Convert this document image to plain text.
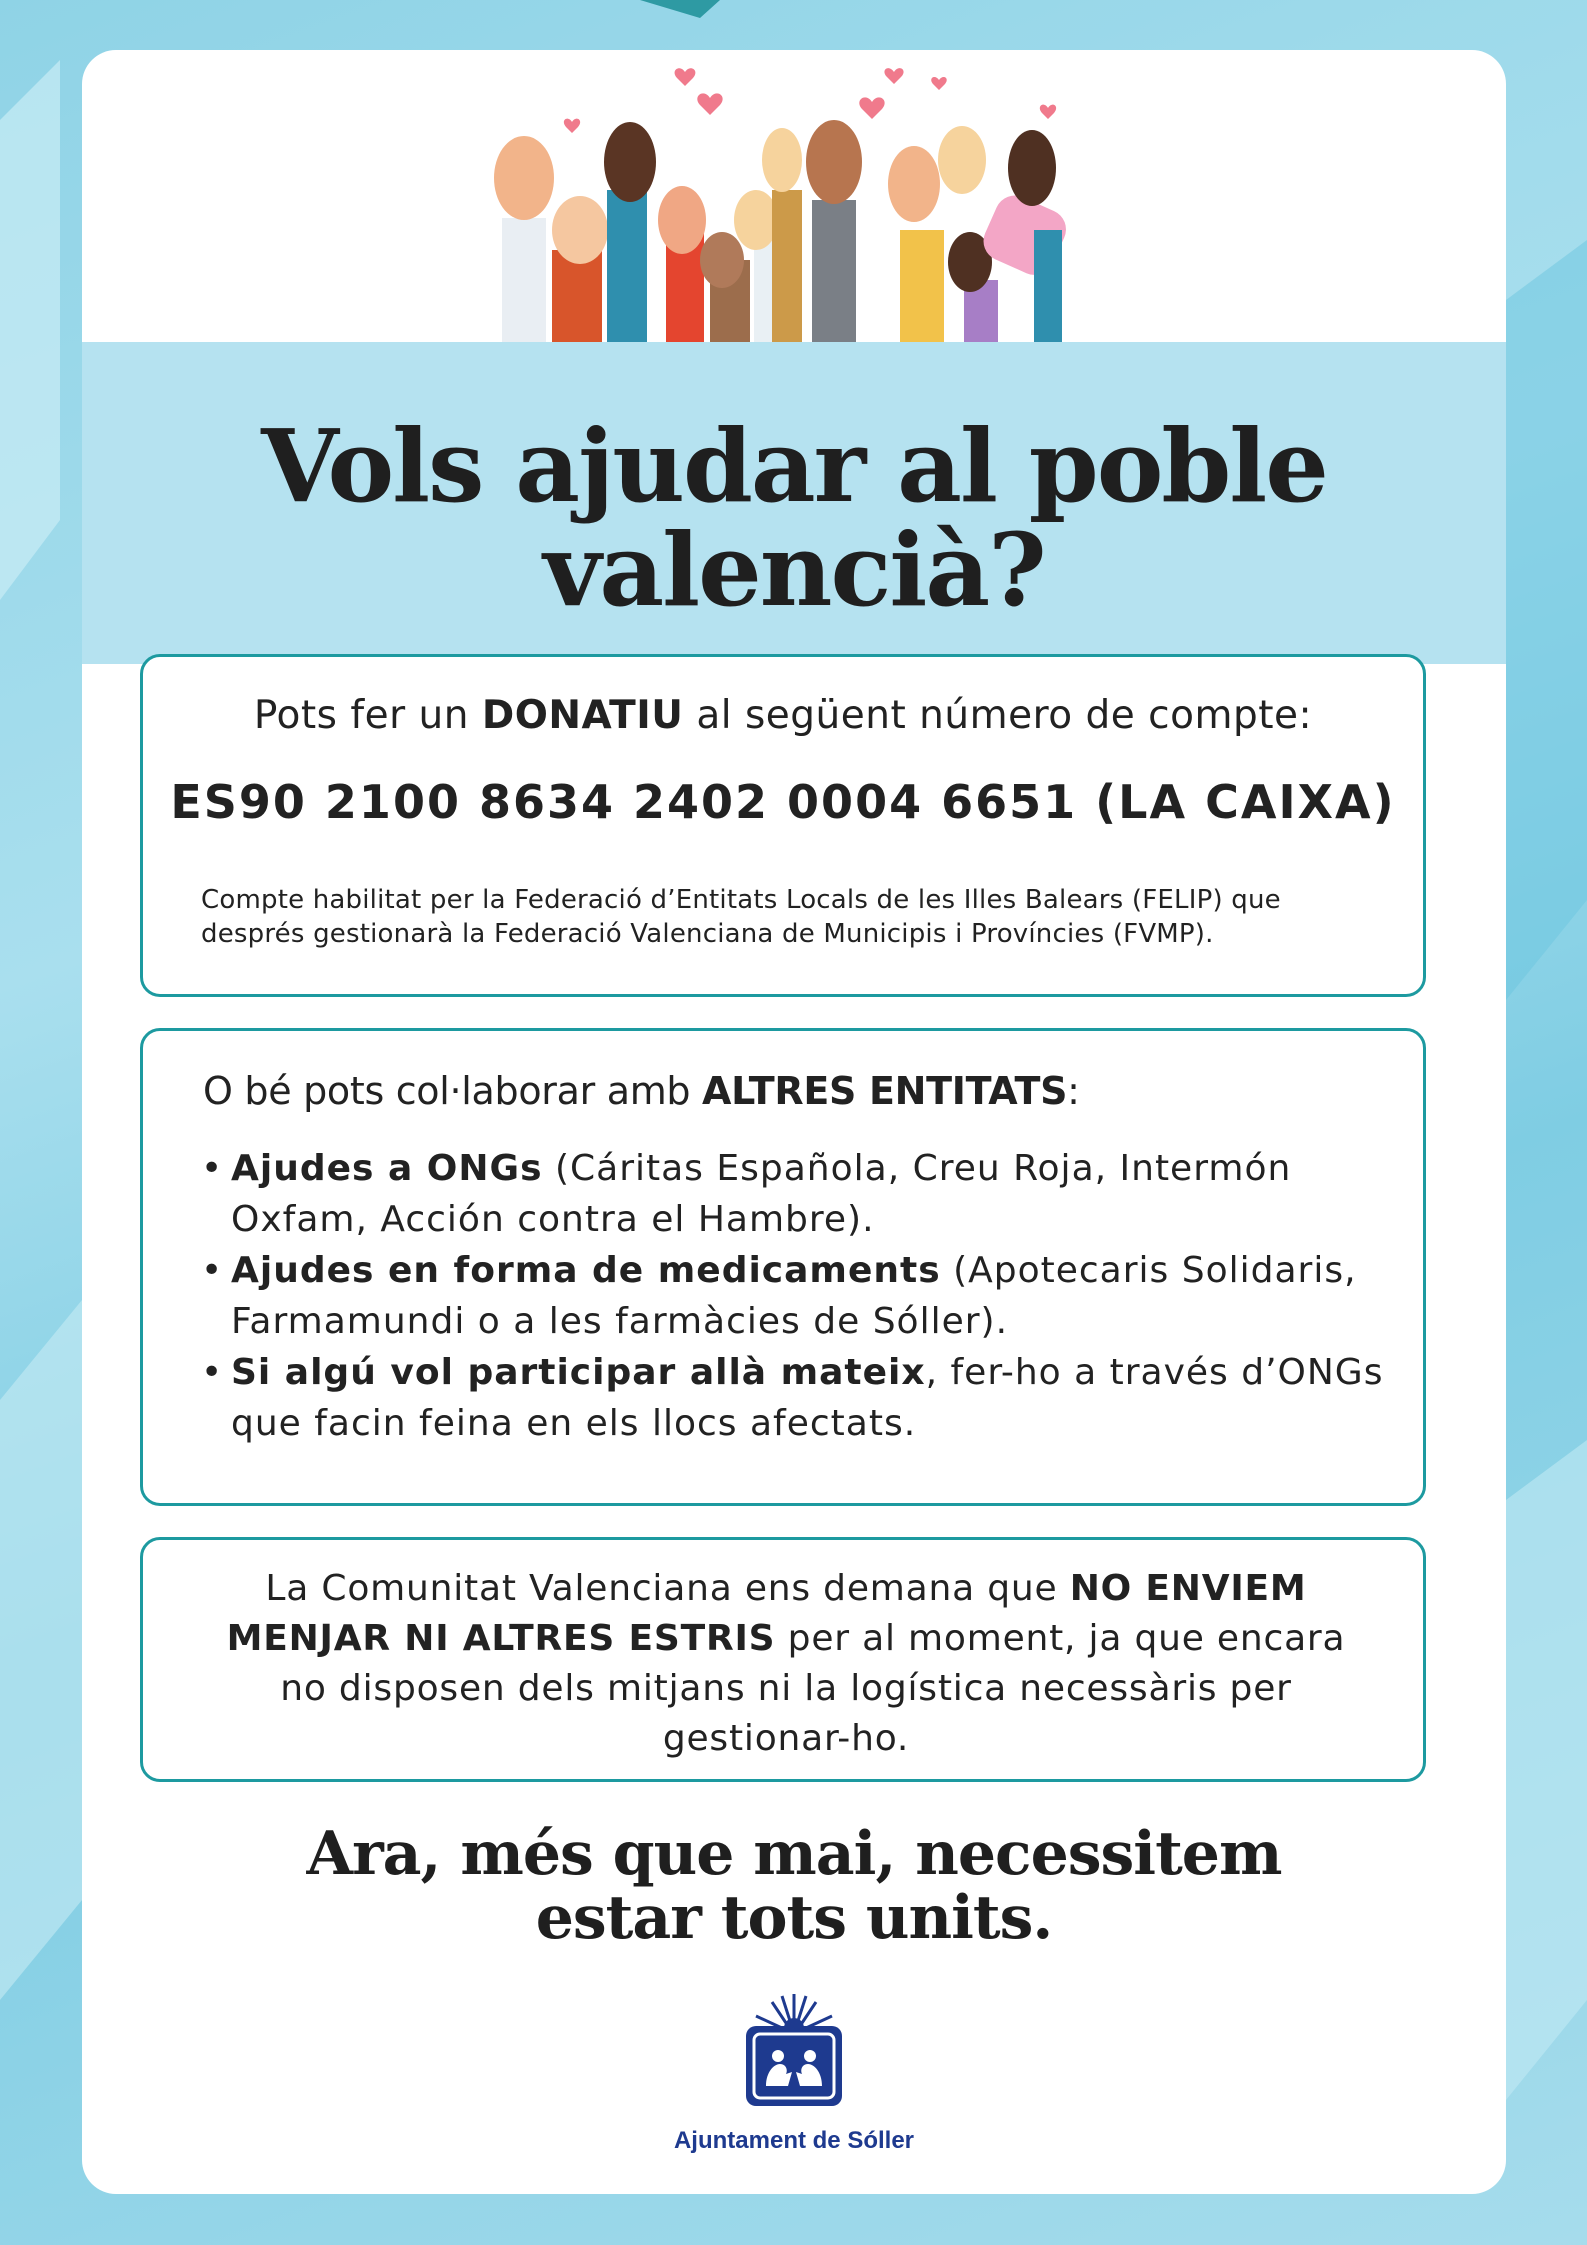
Vols ajudar al poble
valencià?
Pots fer un DONATIU al següent número de compte:
ES90 2100 8634 2402 0004 6651 (LA CAIXA)
Compte habilitat per la Federació d’Entitats Locals de les Illes Balears (FELIP) que
després gestionarà la Federació Valenciana de Municipis i Províncies (FVMP).
O bé pots col·laborar amb ALTRES ENTITATS:
• Ajudes a ONGs (Cáritas Española, Creu Roja, Intermón
Oxfam, Acción contra el Hambre).
• Ajudes en forma de medicaments (Apotecaris Solidaris,
Farmamundi o a les farmàcies de Sóller).
• Si algú vol participar allà mateix, fer-ho a través d’ONGs
que facin feina en els llocs afectats.
La Comunitat Valenciana ens demana que NO ENVIEM
MENJAR NI ALTRES ESTRIS per al moment, ja que encara
no disposen dels mitjans ni la logística necessàris per
gestionar-ho.
Ara, més que mai, necessitem
estar tots units.
Ajuntament de Sóller
